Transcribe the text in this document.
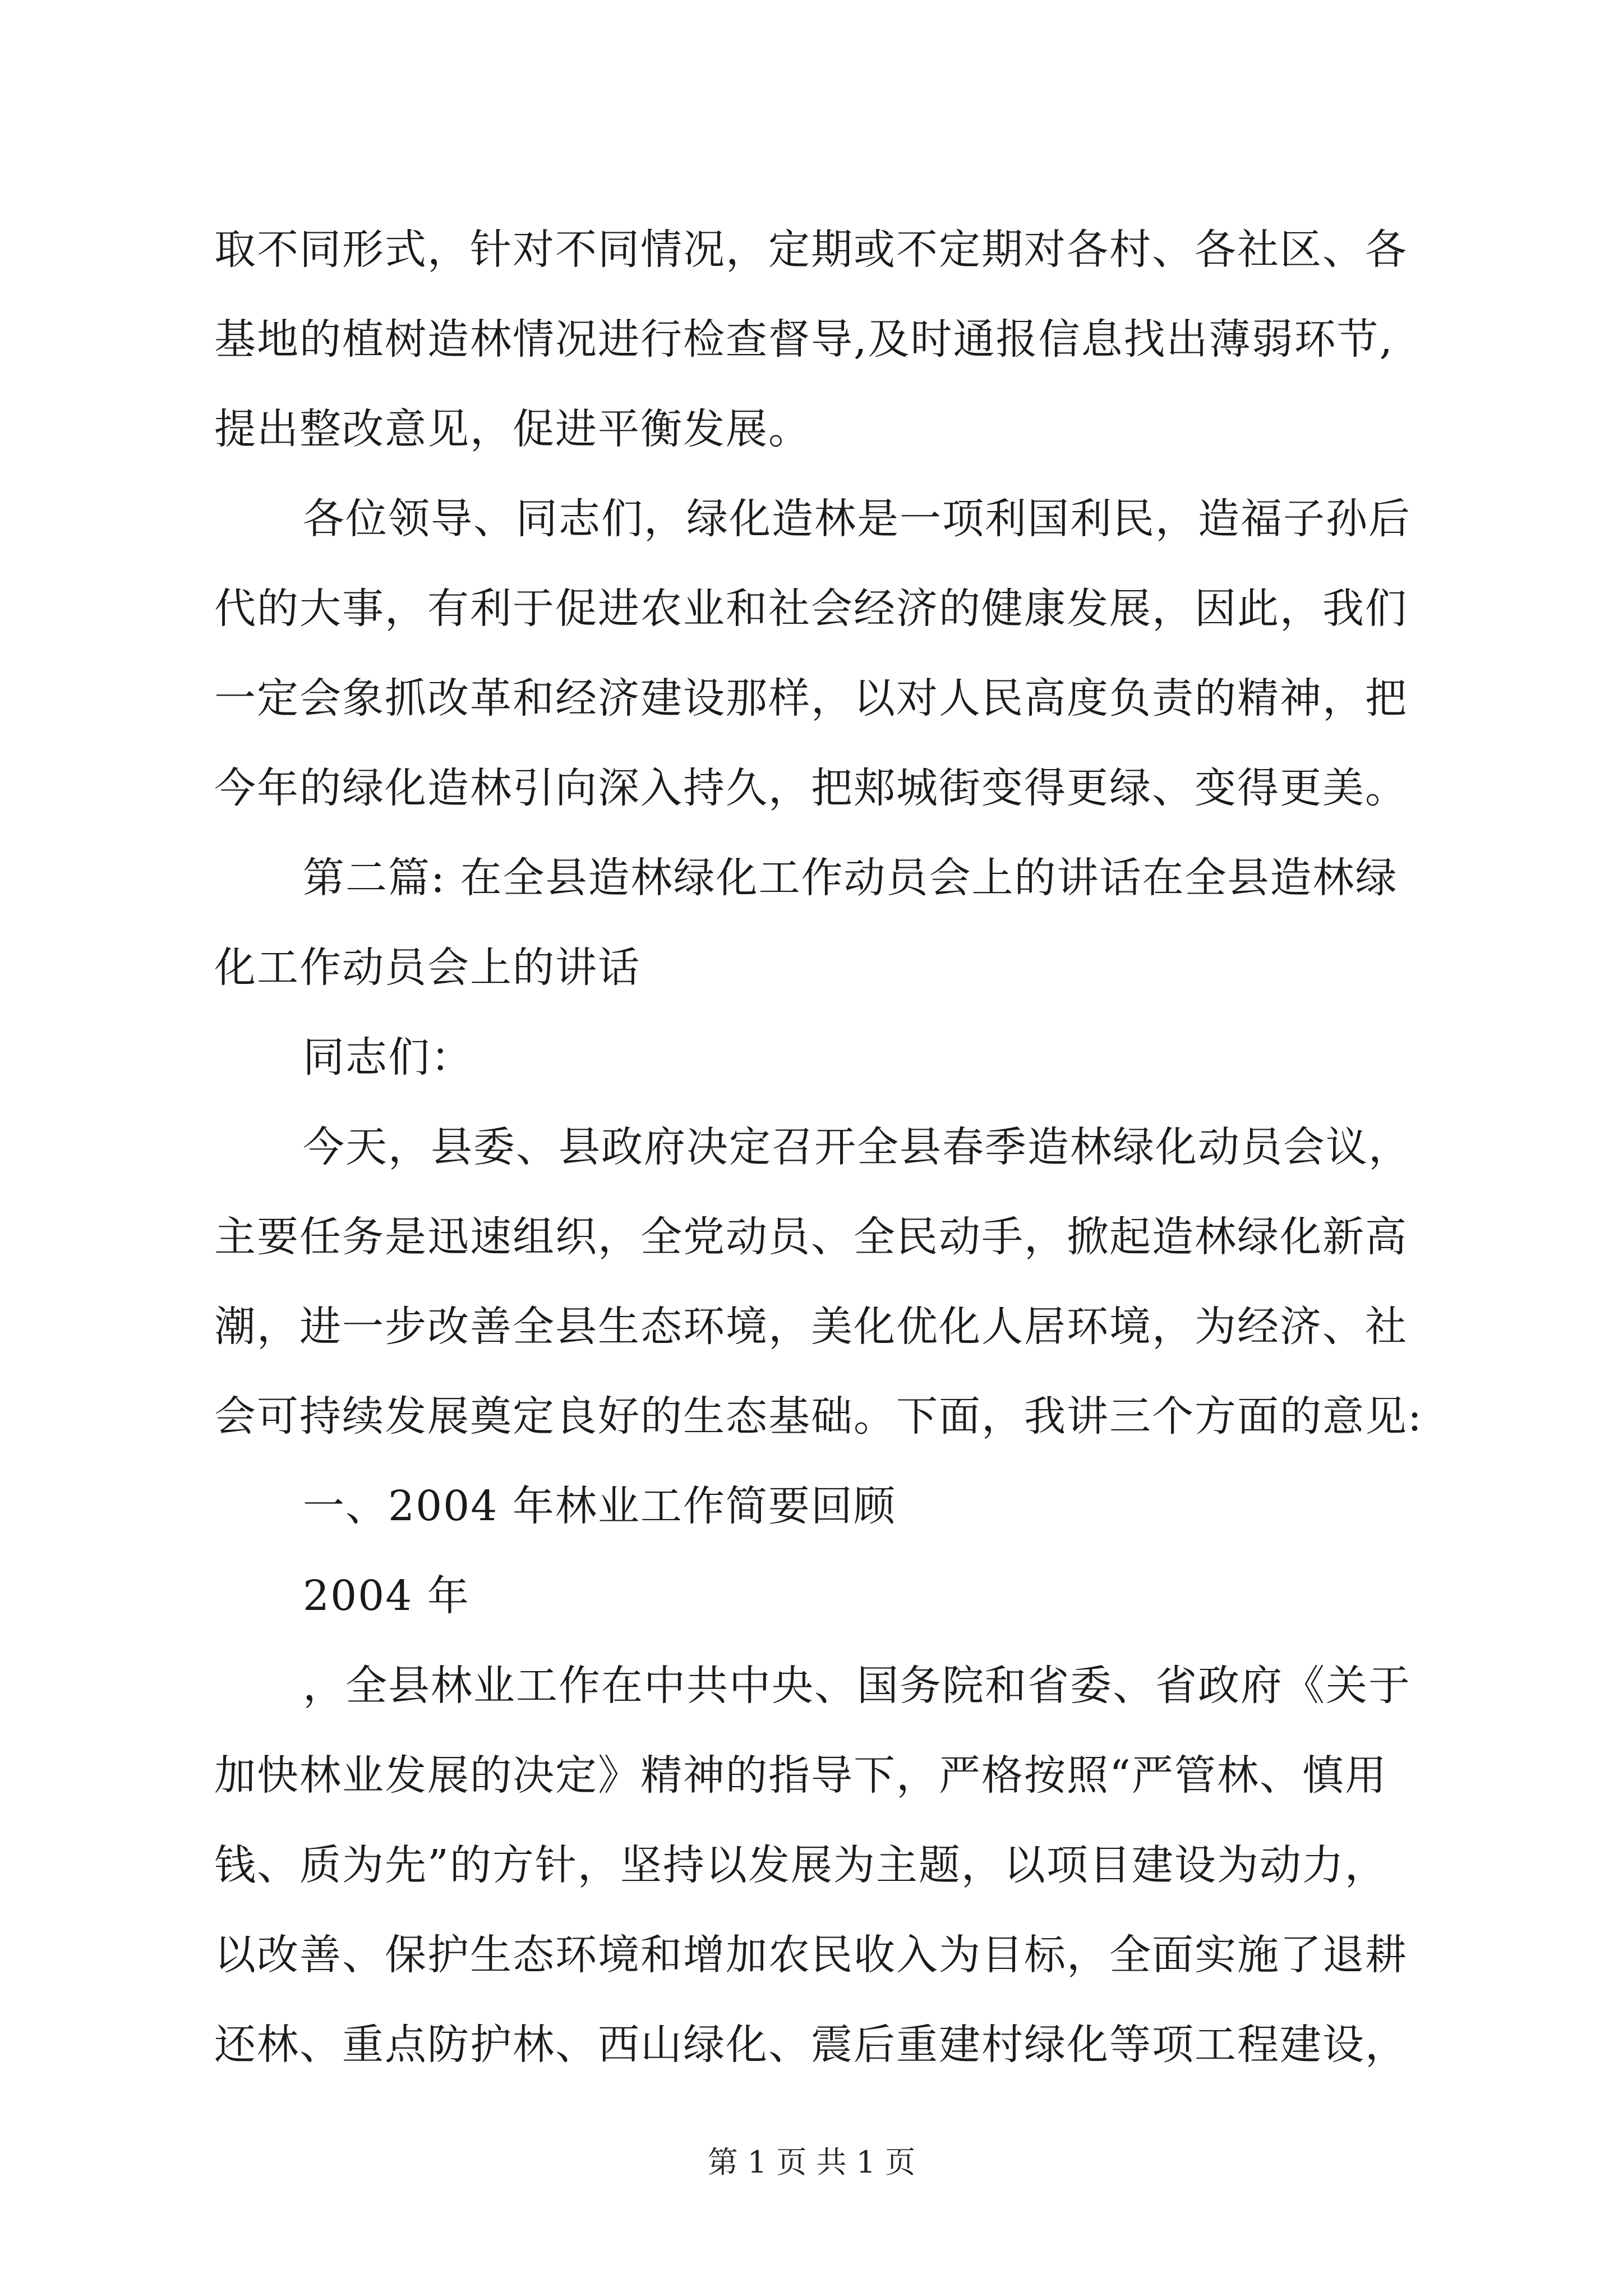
取不同形式，针对不同情况，定期或不定期对各村、各社区、各
基地的植树造林情况进行检查督导,及时通报信息找出薄弱环节,
提出整改意见，促进平衡发展。
各位领导、同志们，绿化造林是一项利国利民，造福子孙后
代的大事，有利于促进农业和社会经济的健康发展，因此，我们
一定会象抓改革和经济建设那样，以对人民高度负责的精神，把
今年的绿化造林引向深入持久，把郏城街变得更绿、变得更美。
第二篇: 在全县造林绿化工作动员会上的讲话在全县造林绿
化工作动员会上的讲话
同志们：
今天，县委、县政府决定召开全县春季造林绿化动员会议，
主要任务是迅速组织，全党动员、全民动手，掀起造林绿化新高
潮，进一步改善全县生态环境，美化优化人居环境，为经济、社
会可持续发展奠定良好的生态基础。下面，我讲三个方面的意见:
一、2004 年林业工作简要回顾
2004 年
，全县林业工作在中共中央、国务院和省委、省政府《关于
加快林业发展的决定》精神的指导下，严格按照“严管林、慎用
钱、质为先”的方针，坚持以发展为主题，以项目建设为动力，
以改善、保护生态环境和增加农民收入为目标，全面实施了退耕
还林、重点防护林、西山绿化、震后重建村绿化等项工程建设，
第 1 页 共 1 页
